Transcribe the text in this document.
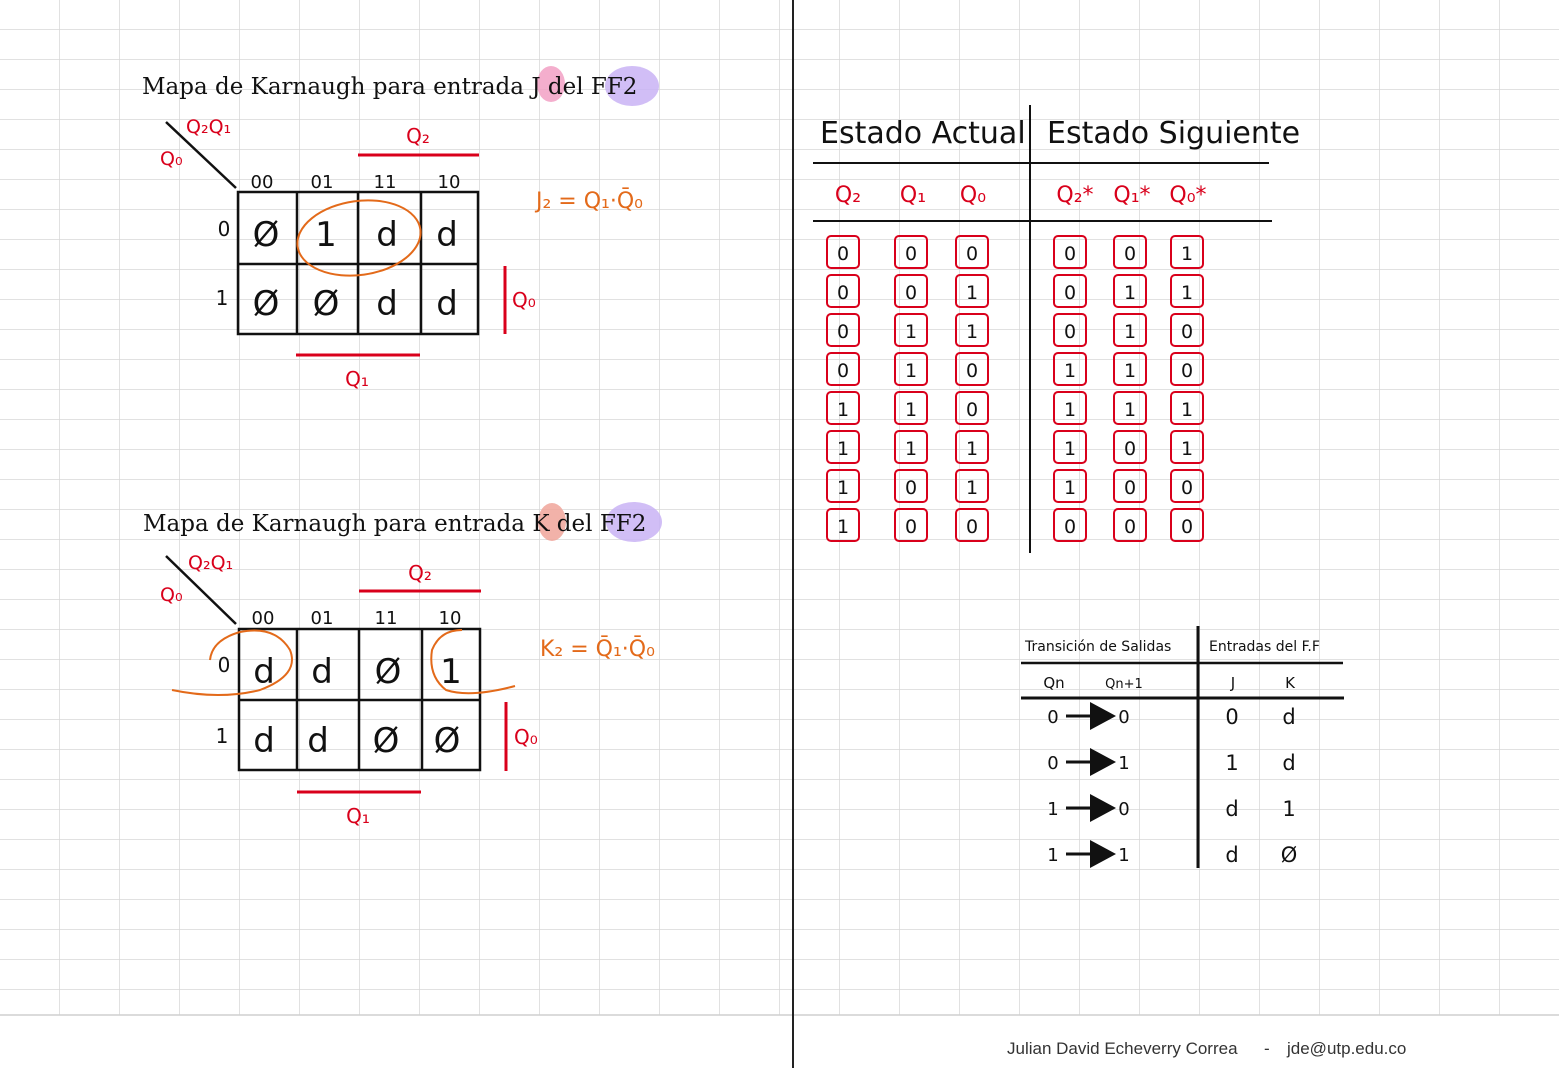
Mapa de Karnaugh para entrada J del FF2
Q₂Q₁
Q₀
00 01 11 10
0
1
Ø 1 d d
Ø Ø d d
Q₂
Q₁
Q₀
J₂ = Q₁·Q̄₀
Mapa de Karnaugh para entrada K del FF2
Q₂Q₁
Q₀
00 01 11 10
0
1
d d Ø 1
d d Ø Ø
Q₂
Q₁
Q₀
K₂ = Q̄₁·Q̄₀
Estado Actual Estado Siguiente
Q₂ Q₁ Q₀	Q₂* Q₁* Q₀*
0	0	0	0	0 1
0	0	1	0	1 1
0	1	1	0	1 0
0	1	0	1	1 0
1	1	0	1	1 1
1	1	1	1	0 1
1	0	1	1	0 0
1	0	0	0	0 0
Transición de Salidas	Entradas del F.F
Qn	Qn+1	J	K
0	0	0 d
0	1	1 d
1	0	d 1
1	1	d Ø
Julian David Echeverry Correa - jde@utp.edu.co
